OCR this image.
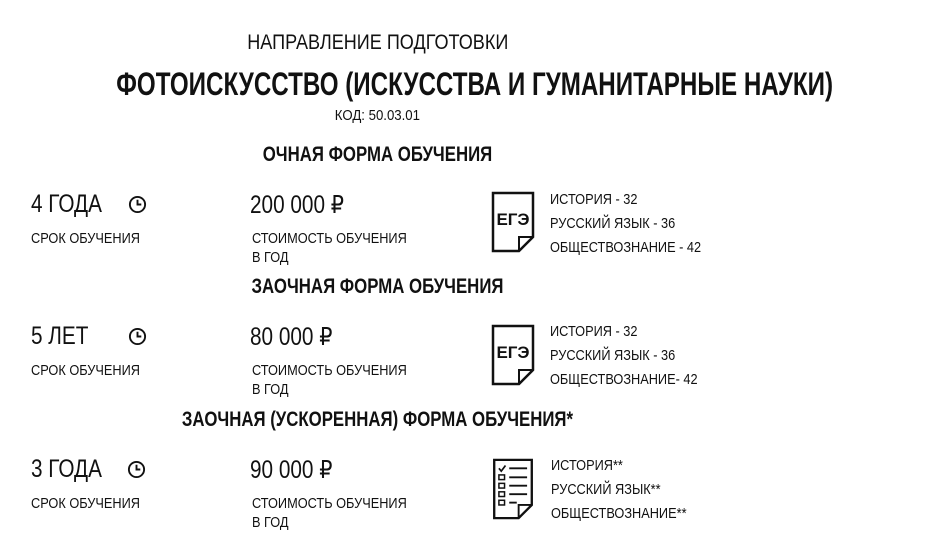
НАПРАВЛЕНИЕ ПОДГОТОВКИ
ФОТОИСКУССТВО (ИСКУССТВА И ГУМАНИТАРНЫЕ НАУКИ)
КОД: 50.03.01
ОЧНАЯ ФОРМА ОБУЧЕНИЯ
4 ГОДА
СРОК ОБУЧЕНИЯ
200 000 ₽
СТОИМОСТЬ ОБУЧЕНИЯ
В ГОД
ЕГЭ
ИСТОРИЯ - 32
РУССКИЙ ЯЗЫК - 36
ОБЩЕСТВОЗНАНИЕ - 42
ЗАОЧНАЯ ФОРМА ОБУЧЕНИЯ
5 ЛЕТ
СРОК ОБУЧЕНИЯ
80 000 ₽
СТОИМОСТЬ ОБУЧЕНИЯ
В ГОД
ЕГЭ
ИСТОРИЯ - 32
РУССКИЙ ЯЗЫК - 36
ОБЩЕСТВОЗНАНИЕ- 42
ЗАОЧНАЯ (УСКОРЕННАЯ) ФОРМА ОБУЧЕНИЯ*
3 ГОДА
СРОК ОБУЧЕНИЯ
90 000 ₽
СТОИМОСТЬ ОБУЧЕНИЯ
В ГОД
ИСТОРИЯ**
РУССКИЙ ЯЗЫК**
ОБЩЕСТВОЗНАНИЕ**
